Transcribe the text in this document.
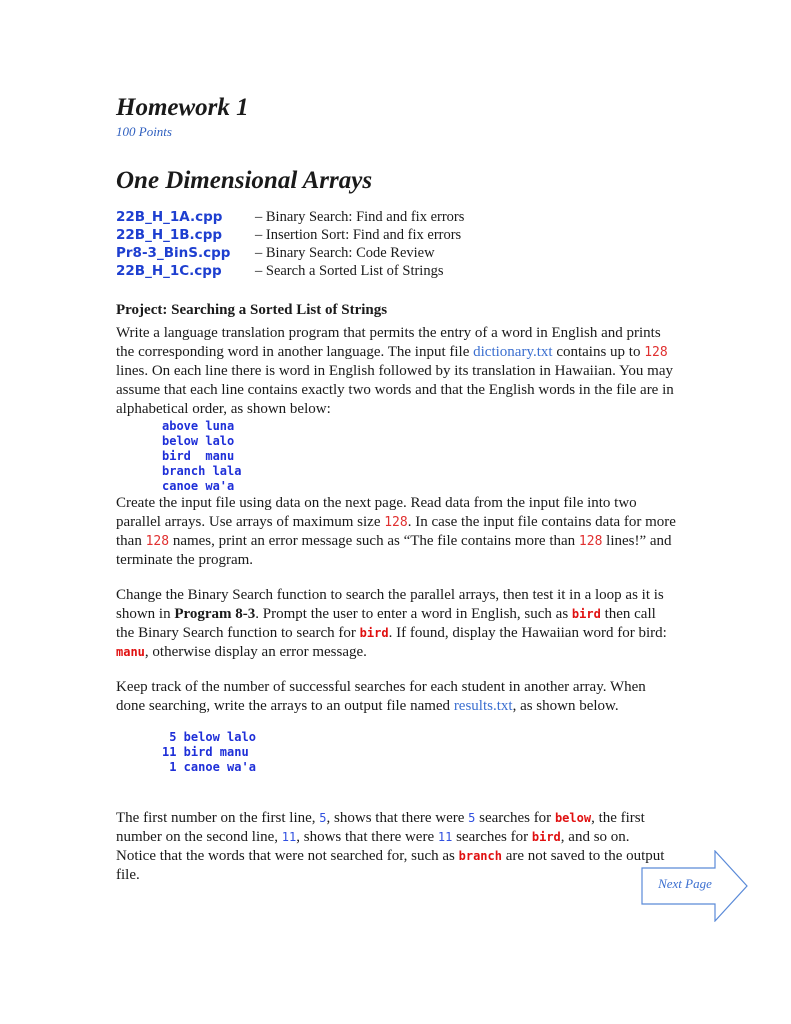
Homework 1
100 Points
One Dimensional Arrays
22B_H_1A.cpp	– Binary Search: Find and fix errors
22B_H_1B.cpp	– Insertion Sort: Find and fix errors
Pr8-3_BinS.cpp	– Binary Search: Code Review
22B_H_1C.cpp	– Search a Sorted List of Strings
Project: Searching a Sorted List of Strings

Write a language translation program that permits the entry of a word in English and prints the corresponding word in another language. The input file dictionary.txt contains up to 128 lines. On each line there is word in English followed by its translation in Hawaiian. You may assume that each line contains exactly two words and that the English words in the file are in alphabetical order, as shown below:

above luna
below lalo
bird  manu
branch lala
canoe wa'a

Create the input file using data on the next page. Read data from the input file into two parallel arrays. Use arrays of maximum size 128. In case the input file contains data for more than 128 names, print an error message such as “The file contains more than 128 lines!” and terminate the program.

Change the Binary Search function to search the parallel arrays, then test it in a loop as it is shown in Program 8-3. Prompt the user to enter a word in English, such as bird then call the Binary Search function to search for bird. If found, display the Hawaiian word for bird: manu, otherwise display an error message.

Keep track of the number of successful searches for each student in another array. When done searching, write the arrays to an output file named results.txt, as shown below.

5 below lalo
11 bird manu
1 canoe wa'a

The first number on the first line, 5, shows that there were 5 searches for below, the first number on the second line, 11, shows that there were 11 searches for bird, and so on. Notice that the words that were not searched for, such as branch are not saved to the output file.

Next Page
